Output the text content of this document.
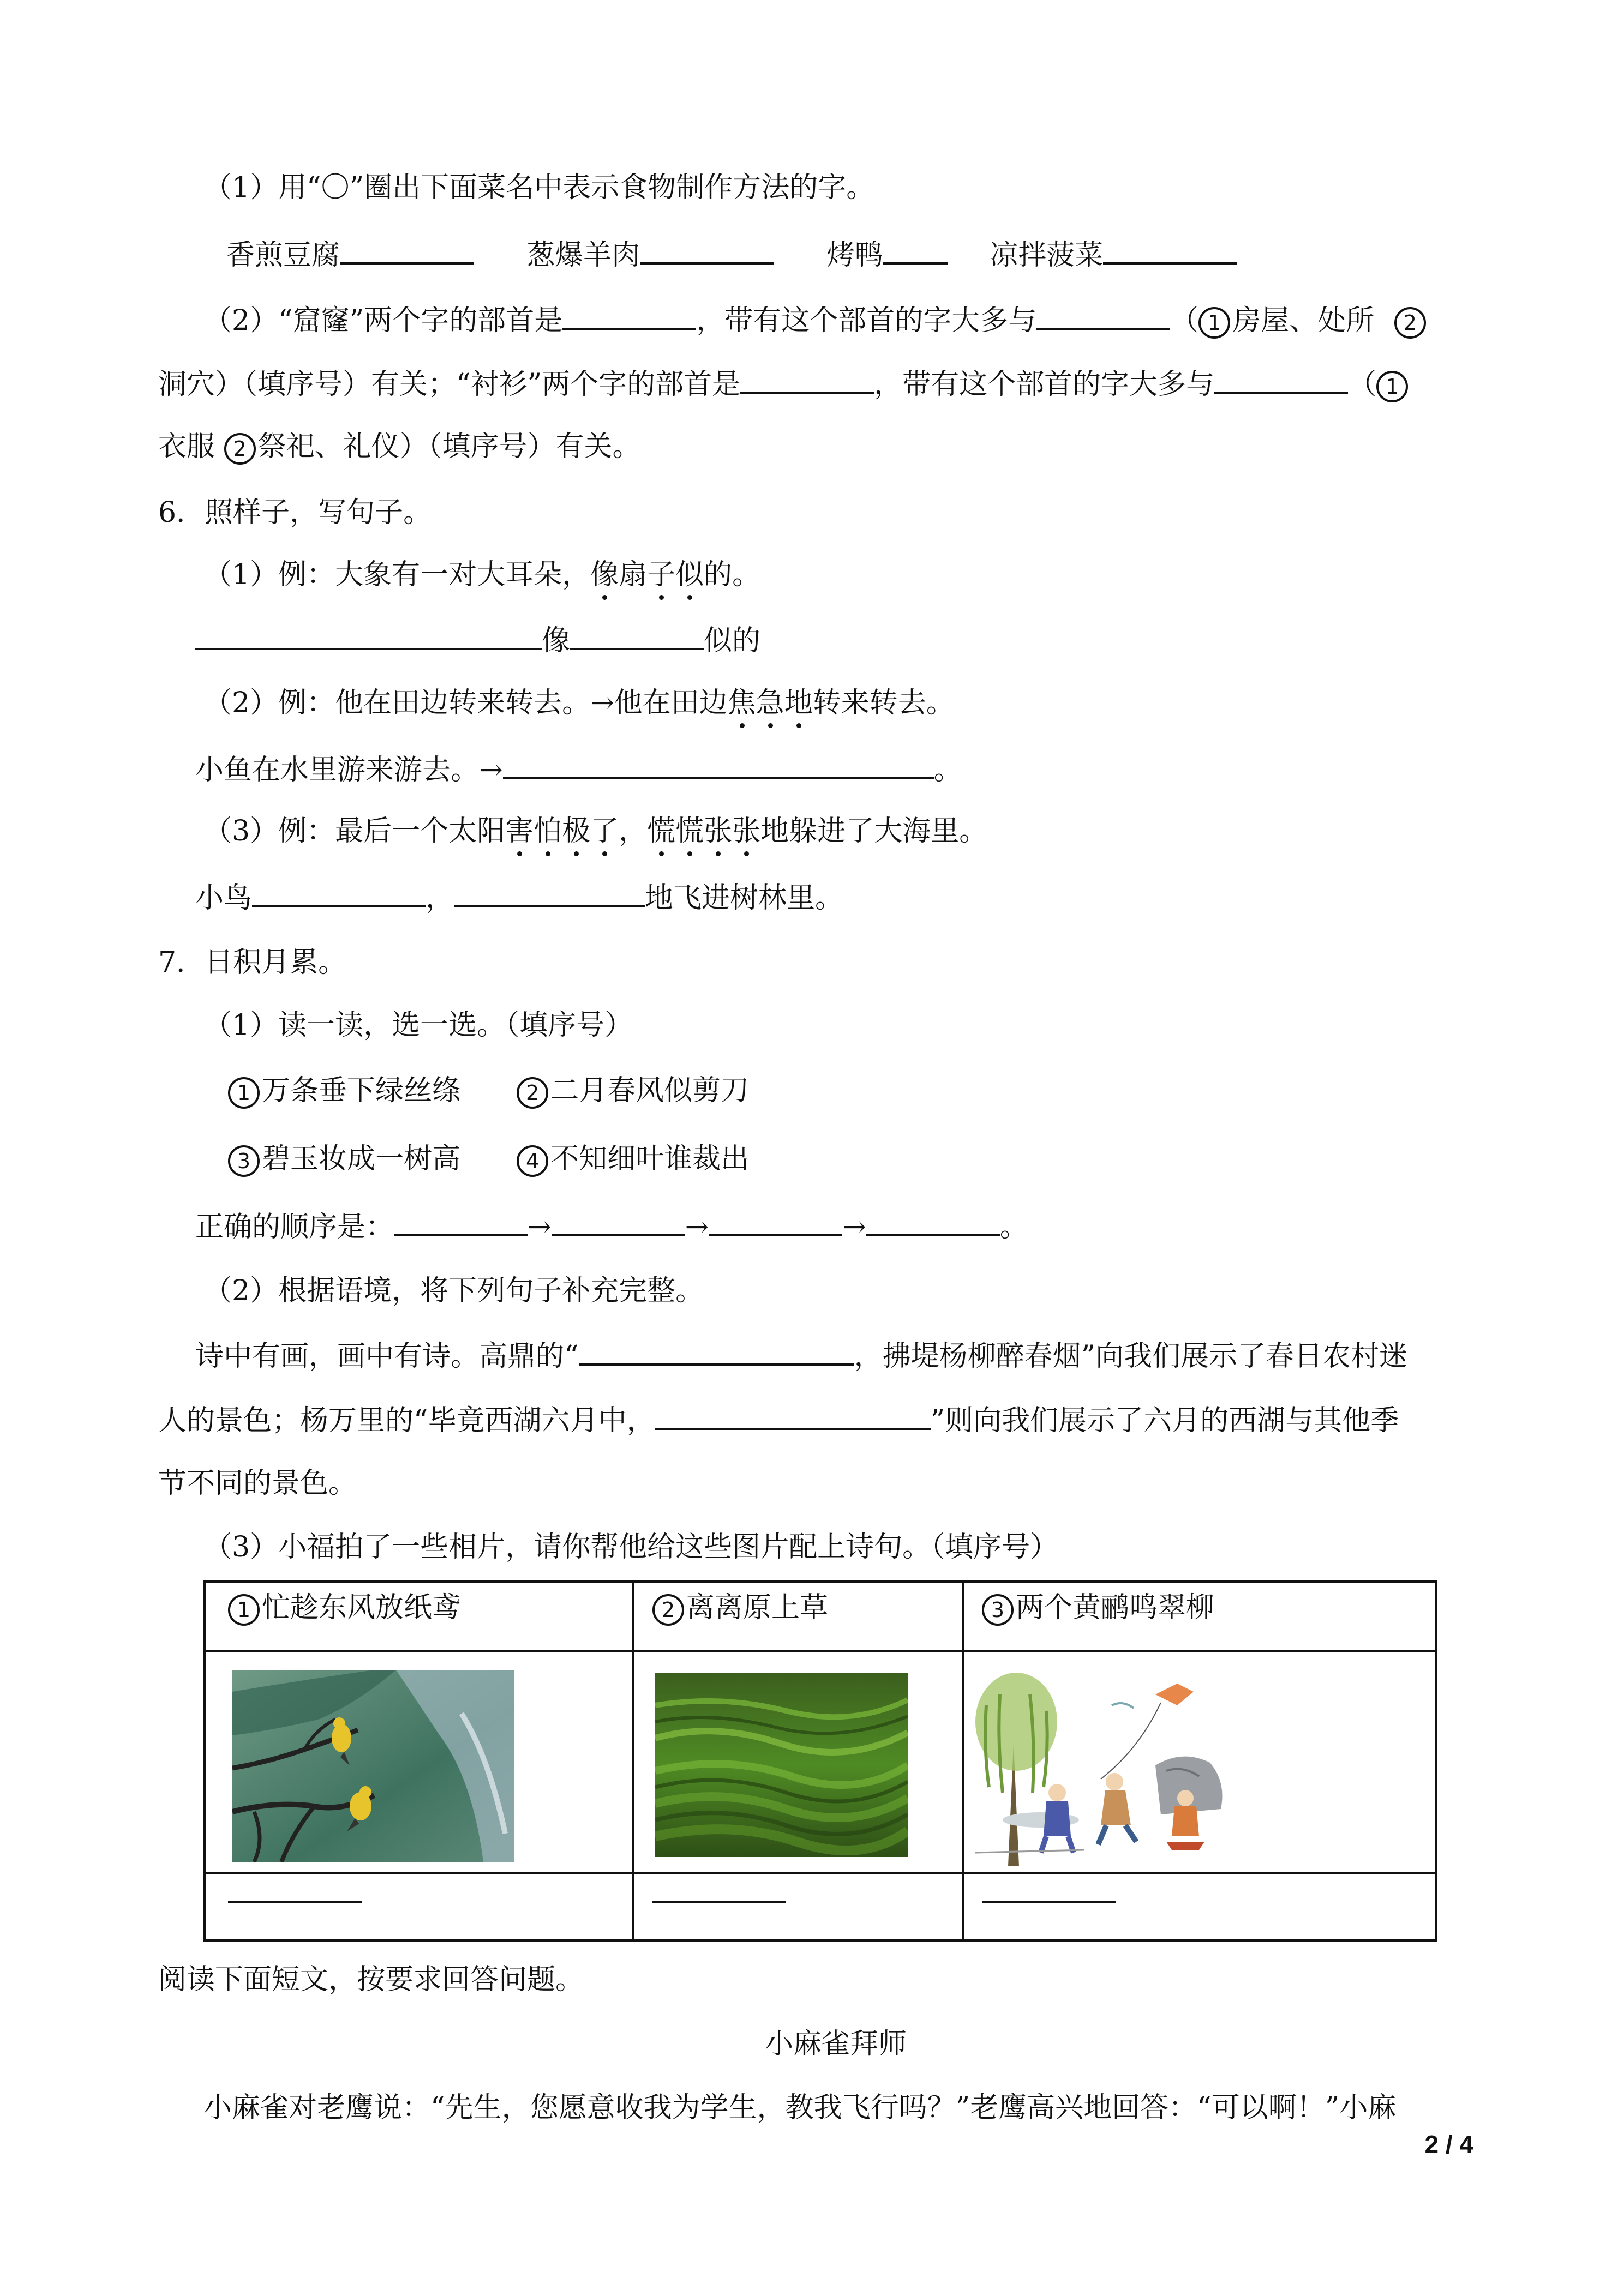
（1）用“〇”圈出下面菜名中表示食物制作方法的字。
香煎豆腐	葱爆羊肉	烤鸭	凉拌菠菜
（2）“窟窿”两个字的部首是	，带有这个部首的字大多与	（ 1 房屋、处所 2
洞穴）（填序号）有关；“衬衫”两个字的部首是	，带有这个部首的字大多与	（ 1
衣服 2 祭祀、礼仪）（填序号）有关。
6．照样子，写句子。
（1）例：大象有一对大耳朵，像扇子似的。
像	似的
（2）例：他在田边转来转去。→他在田边焦急地转来转去。
小鱼在水里游来游去。→	。
（3）例：最后一个太阳害怕极了，慌慌张张地躲进了大海里。
小鸟	，	地飞进树林里。
7．日积月累。
（1）读一读，选一选。（填序号）
1 万条垂下绿丝绦	2 二月春风似剪刀
3 碧玉妆成一树高	4 不知细叶谁裁出
正确的顺序是：	→	→	→	。
（2）根据语境，将下列句子补充完整。
诗中有画，画中有诗。高鼎的“	，拂堤杨柳醉春烟”向我们展示了春日农村迷
人的景色；杨万里的“毕竟西湖六月中，	”则向我们展示了六月的西湖与其他季
节不同的景色。
（3）小福拍了一些相片，请你帮他给这些图片配上诗句。（填序号）
1 忙趁东风放纸鸢	2 离离原上草	3 两个黄鹂鸣翠柳
阅读下面短文，按要求回答问题。
小麻雀拜师
小麻雀对老鹰说：“先生，您愿意收我为学生，教我飞行吗？”老鹰高兴地回答：“可以啊！”小麻
2 / 4
